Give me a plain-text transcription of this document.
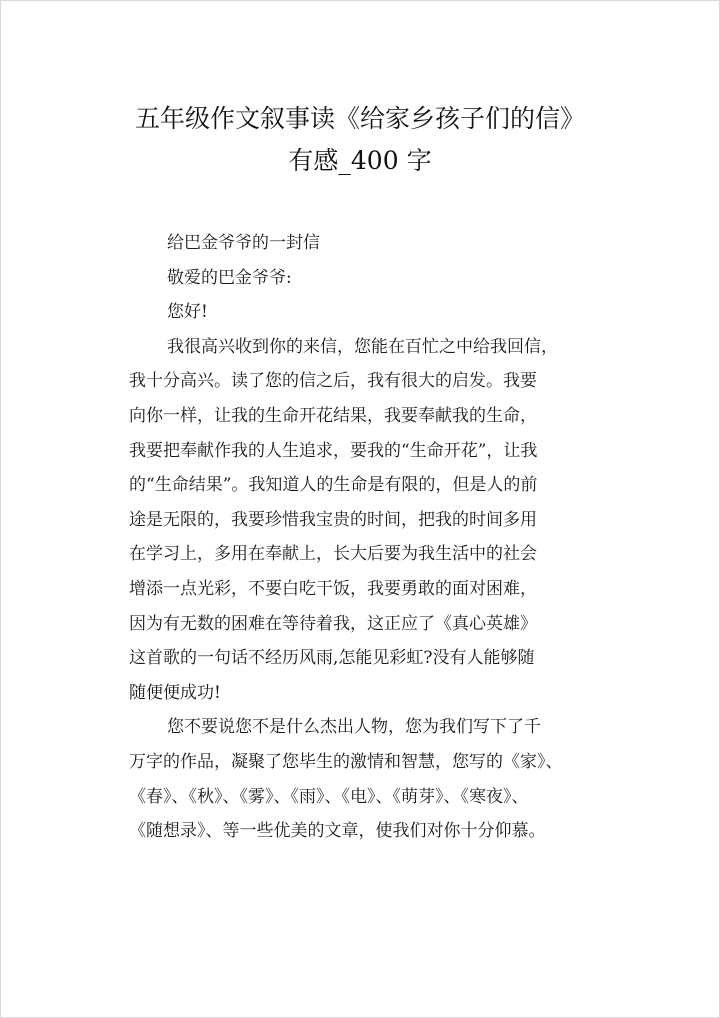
五年级作文叙事读《给家乡孩子们的信》
有感_400 字
给巴金爷爷的一封信
敬爱的巴金爷爷:
您好!
我很高兴收到你的来信，您能在百忙之中给我回信，
我十分高兴。读了您的信之后，我有很大的启发。我要
向你一样，让我的生命开花结果，我要奉献我的生命，
我要把奉献作我的人生追求，要我的“生命开花”，让我
的“生命结果”。我知道人的生命是有限的，但是人的前
途是无限的，我要珍惜我宝贵的时间，把我的时间多用
在学习上，多用在奉献上，长大后要为我生活中的社会
增添一点光彩，不要白吃干饭，我要勇敢的面对困难，
因为有无数的困难在等待着我，这正应了《真心英雄》
这首歌的一句话不经历风雨,怎能见彩虹?没有人能够随
随便便成功!
您不要说您不是什么杰出人物，您为我们写下了千
万字的作品，凝聚了您毕生的激情和智慧，您写的《家》、
《春》、《秋》、《雾》、《雨》、《电》、《萌芽》、《寒夜》、
《随想录》、等一些优美的文章，使我们对你十分仰慕。
